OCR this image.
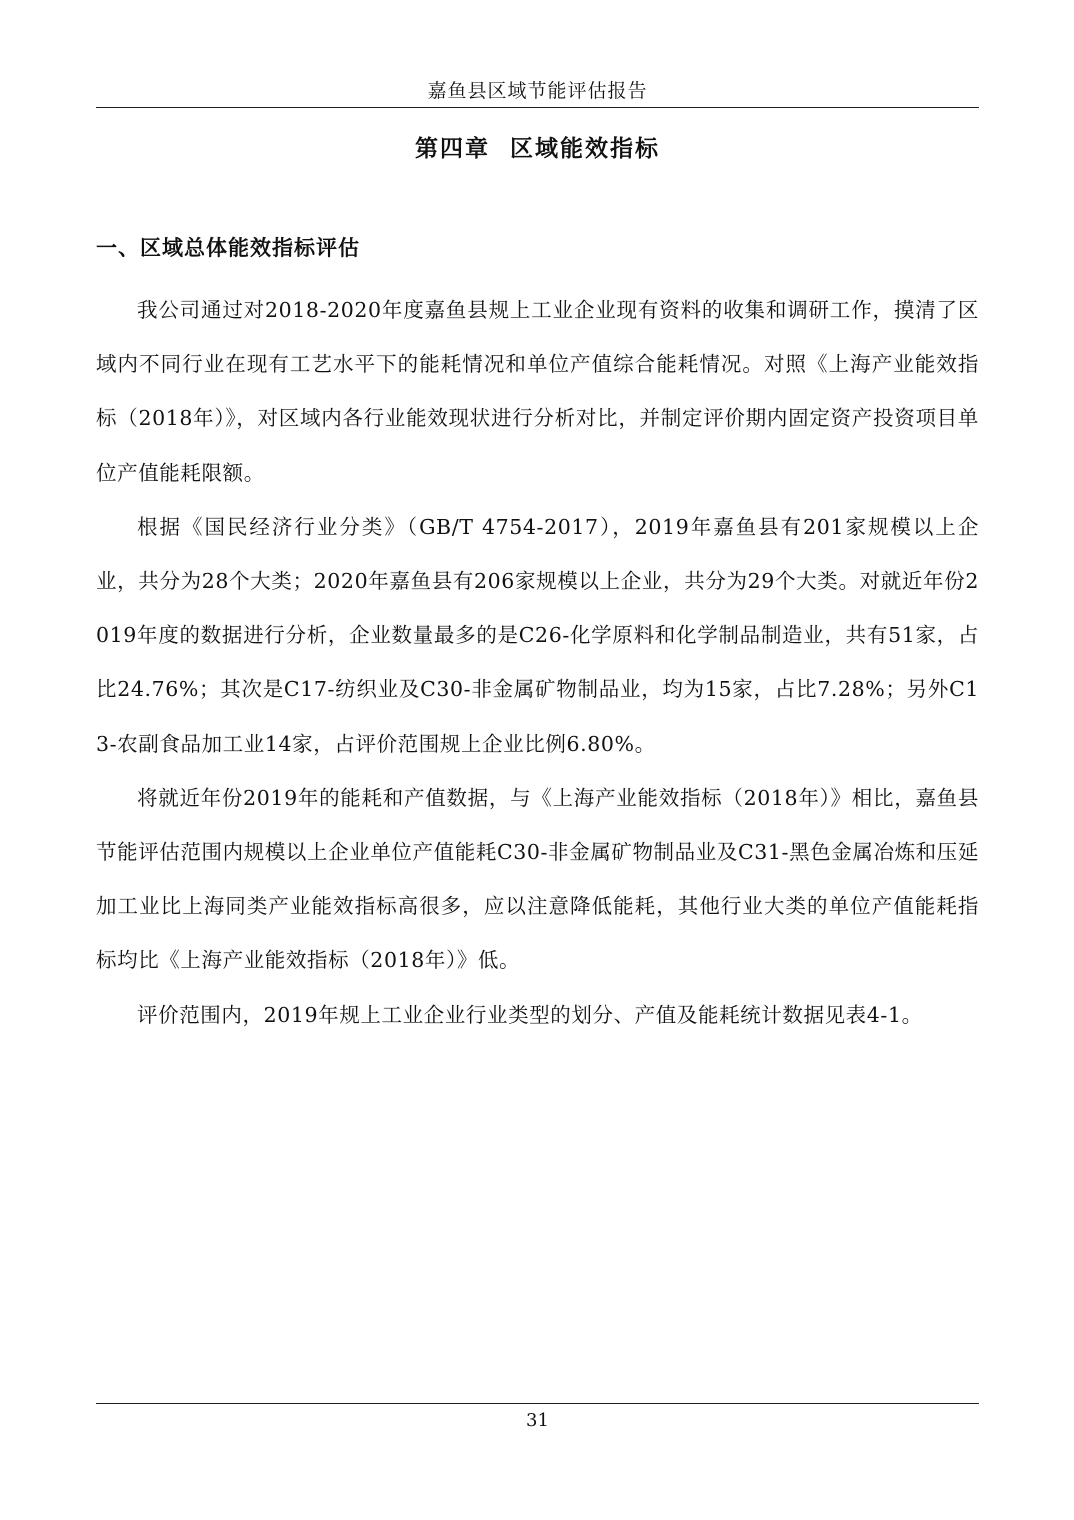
嘉鱼县区域节能评估报告
第四章  区域能效指标
一、区域总体能效指标评估

我公司通过对2018-2020年度嘉鱼县规上工业企业现有资料的收集和调研工作，摸清了区域内不同行业在现有工艺水平下的能耗情况和单位产值综合能耗情况。对照《上海产业能效指标（2018年）》，对区域内各行业能效现状进行分析对比，并制定评价期内固定资产投资项目单位产值能耗限额。

根据《国民经济行业分类》（GB/T 4754-2017），2019年嘉鱼县有201家规模以上企业，共分为28个大类；2020年嘉鱼县有206家规模以上企业，共分为29个大类。对就近年份2019年度的数据进行分析，企业数量最多的是C26-化学原料和化学制品制造业，共有51家，占比24.76%；其次是C17-纺织业及C30-非金属矿物制品业，均为15家，占比7.28%；另外C13-农副食品加工业14家，占评价范围规上企业比例6.80%。

将就近年份2019年的能耗和产值数据，与《上海产业能效指标（2018年）》相比，嘉鱼县节能评估范围内规模以上企业单位产值能耗C30-非金属矿物制品业及C31-黑色金属冶炼和压延加工业比上海同类产业能效指标高很多，应以注意降低能耗，其他行业大类的单位产值能耗指标均比《上海产业能效指标（2018年）》低。

评价范围内，2019年规上工业企业行业类型的划分、产值及能耗统计数据见表4-1。

31
